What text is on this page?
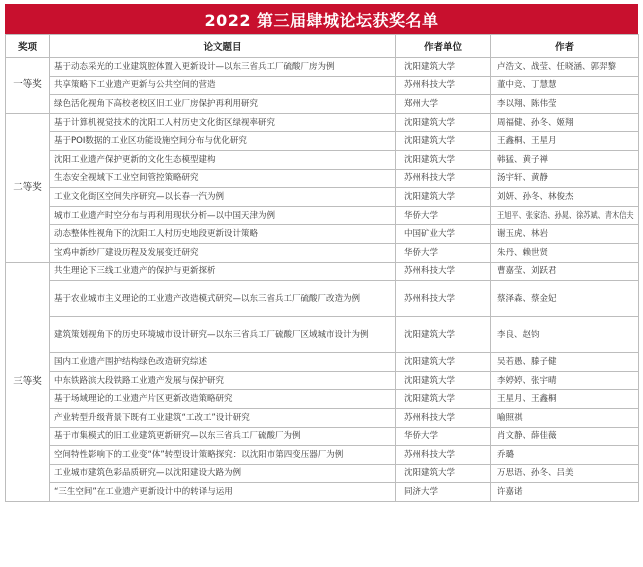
2022 第三届肆城论坛获奖名单
奖项	论文题目	作者单位	作者
一等奖	基于动态采光的工业建筑腔体置入更新设计—以东三省兵工厂硫酸厂房为例	沈阳建筑大学	卢浩文、战莹、任晓涵、郭羿黎
	共享策略下工业遗产更新与公共空间的营造	苏州科技大学	董中竞、丁慧慧
	绿色活化视角下高校老校区旧工业厂房保护再利用研究	郑州大学	李以翔、陈伟莹
二等奖	基于计算机视觉技术的沈阳工人村历史文化街区绿视率研究	沈阳建筑大学	周福健、孙冬、姬翔
	基于POI数据的工业区功能设施空间分布与优化研究	沈阳建筑大学	王鑫桐、王星月
	沈阳工业遗产保护更新的文化生态模型建构	沈阳建筑大学	韩猛、黄子禅
	生态安全视域下工业空间管控策略研究	苏州科技大学	汤宇轩、黄静
	工业文化街区空间失序研究—以长春一汽为例	沈阳建筑大学	刘妍、孙冬、林俊杰
	城市工业遗产时空分布与再利用现状分析—以中国天津为例	华侨大学	王旭平、张家浩、孙晁、徐苏斌、青木信夫
	动态整体性视角下的沈阳工人村历史地段更新设计策略	中国矿业大学	谢玉虎、林岩
	宝鸡申新纱厂建设历程及发展变迁研究	华侨大学	朱丹、赖世贤
三等奖	共生理论下三线工业遗产的保护与更新探析	苏州科技大学	曹嘉莹、刘跃君
	基于农业城市主义理论的工业遗产改造模式研究—以东三省兵工厂硫酸厂改造为例	苏州科技大学	蔡泽森、蔡金妃
	建筑策划视角下的历史环境城市设计研究—以东三省兵工厂硫酸厂区域城市设计为例	沈阳建筑大学	李良、赵钧
	国内工业遗产围护结构绿色改造研究综述	沈阳建筑大学	吴若愚、滕子健
	中东铁路滨大段铁路工业遗产发展与保护研究	沈阳建筑大学	李婷婷、张宇晴
	基于场域理论的工业遗产片区更新改造策略研究	沈阳建筑大学	王星月、王鑫桐
	产业转型升级背景下既有工业建筑“工改工”设计研究	苏州科技大学	喻照祺
	基于市集模式的旧工业建筑更新研究—以东三省兵工厂硫酸厂为例	华侨大学	肖文静、薛佳薇
	空间特性影响下的工业变“体”转型设计策略探究：以沈阳市第四变压器厂为例	苏州科技大学	乔璐
	工业城市建筑色彩品质研究—以沈阳建设大路为例	沈阳建筑大学	万思语、孙冬、吕美
	“三生空间”在工业遗产更新设计中的转译与运用	同济大学	许嘉诺
